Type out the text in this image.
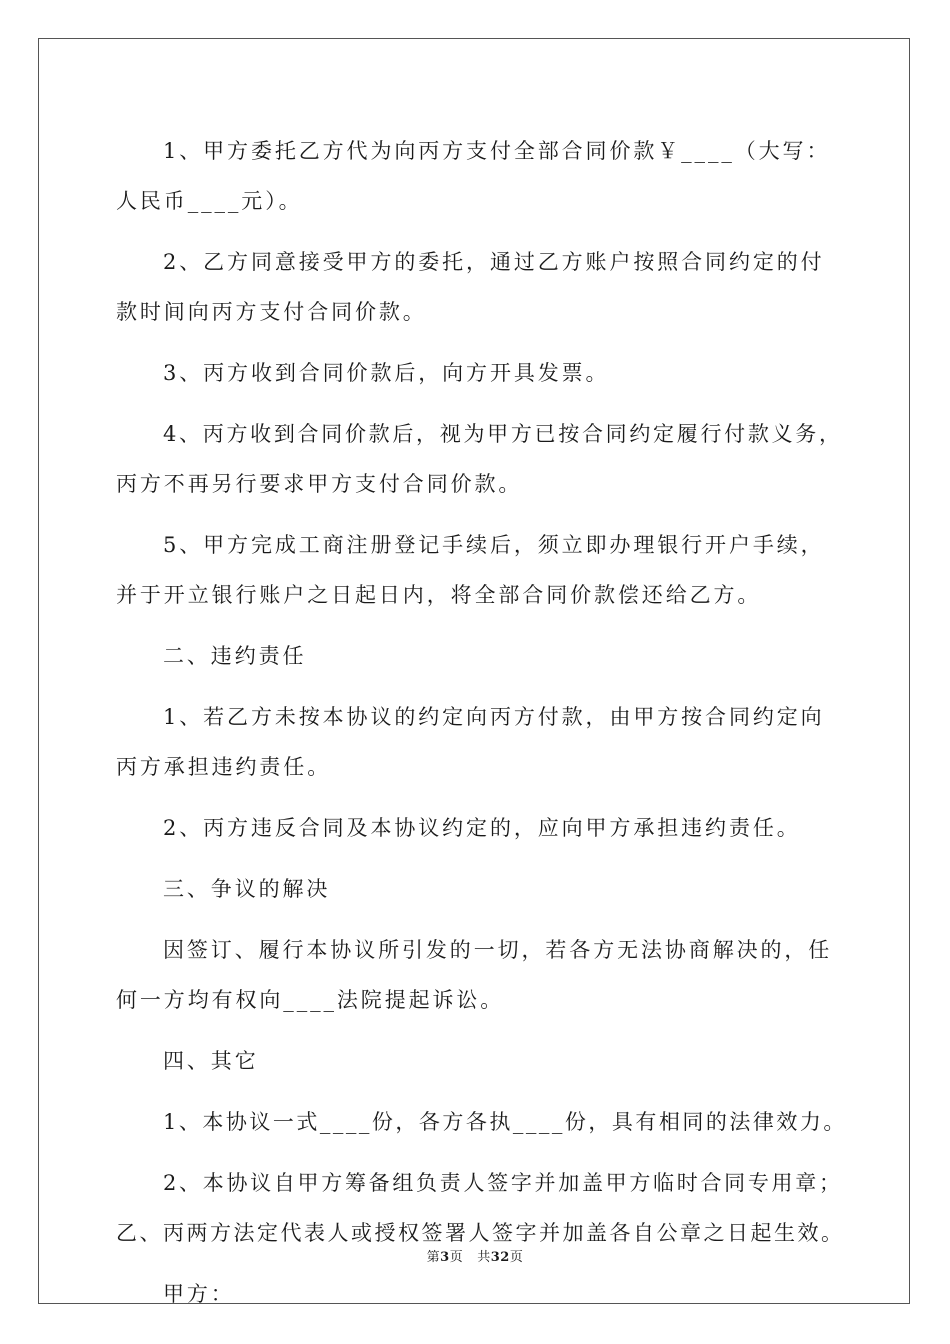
1、甲方委托乙方代为向丙方支付全部合同价款￥____（大写：
人民币____元）。
2、乙方同意接受甲方的委托，通过乙方账户按照合同约定的付
款时间向丙方支付合同价款。
3、丙方收到合同价款后，向方开具发票。
4、丙方收到合同价款后，视为甲方已按合同约定履行付款义务，
丙方不再另行要求甲方支付合同价款。
5、甲方完成工商注册登记手续后，须立即办理银行开户手续，
并于开立银行账户之日起日内，将全部合同价款偿还给乙方。
二、违约责任
1、若乙方未按本协议的约定向丙方付款，由甲方按合同约定向
丙方承担违约责任。
2、丙方违反合同及本协议约定的，应向甲方承担违约责任。
三、争议的解决
因签订、履行本协议所引发的一切，若各方无法协商解决的，任
何一方均有权向____法院提起诉讼。
四、其它
1、本协议一式____份，各方各执____份，具有相同的法律效力。
2、本协议自甲方筹备组负责人签字并加盖甲方临时合同专用章；
乙、丙两方法定代表人或授权签署人签字并加盖各自公章之日起生效。
甲方：
第3页 共32页
